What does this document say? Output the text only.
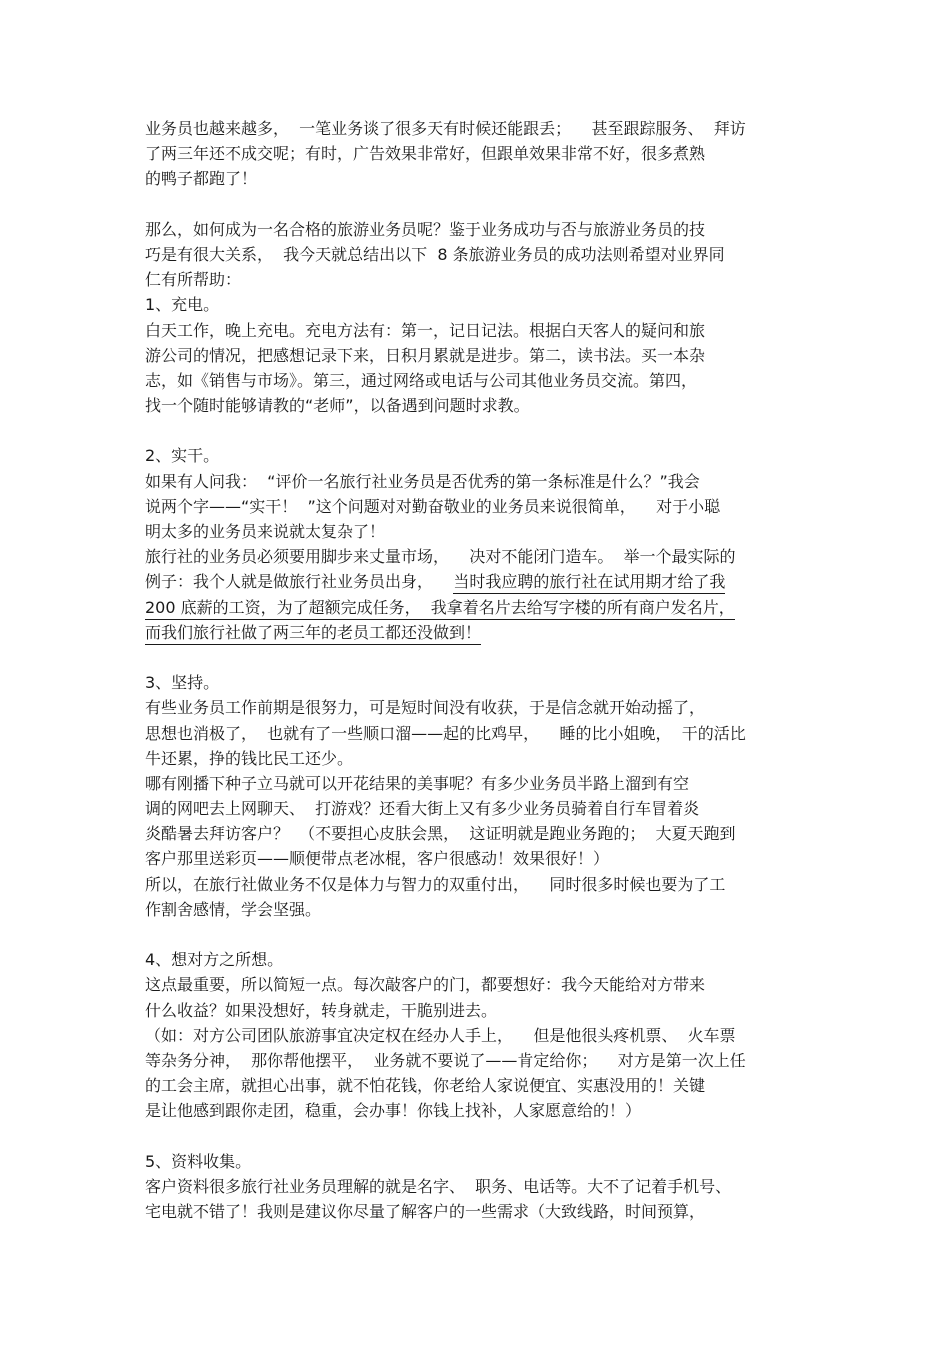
业务员也越来越多，  一笔业务谈了很多天有时候还能跟丢；    甚至跟踪服务、  拜访
了两三年还不成交呢；有时，广告效果非常好，但跟单效果非常不好，很多煮熟
的鸭子都跑了！
那么，如何成为一名合格的旅游业务员呢？鉴于业务成功与否与旅游业务员的技
巧是有很大关系，  我今天就总结出以下  8 条旅游业务员的成功法则希望对业界同
仁有所帮助：
1、充电。
白天工作，晚上充电。充电方法有：第一，记日记法。根据白天客人的疑问和旅
游公司的情况，把感想记录下来，日积月累就是进步。第二，读书法。买一本杂
志，如《销售与市场》。第三，通过网络或电话与公司其他业务员交流。第四，
找一个随时能够请教的“老师”，以备遇到问题时求教。
2、实干。
如果有人问我：  “评价一名旅行社业务员是否优秀的第一条标准是什么？”我会
说两个字——“实干！  ”这个问题对对勤奋敬业的业务员来说很简单，    对于小聪
明太多的业务员来说就太复杂了！
旅行社的业务员必须要用脚步来丈量市场，    决对不能闭门造车。  举一个最实际的
例子：我个人就是做旅行社业务员出身，    当时我应聘的旅行社在试用期才给了我
200 底薪的工资，为了超额完成任务，  我拿着名片去给写字楼的所有商户发名片，
而我们旅行社做了两三年的老员工都还没做到！
3、坚持。
有些业务员工作前期是很努力，可是短时间没有收获，于是信念就开始动摇了，
思想也消极了，  也就有了一些顺口溜——起的比鸡早，    睡的比小姐晚，  干的活比
牛还累，挣的钱比民工还少。
哪有刚播下种子立马就可以开花结果的美事呢？有多少业务员半路上溜到有空
调的网吧去上网聊天、  打游戏？还看大街上又有多少业务员骑着自行车冒着炎
炎酷暑去拜访客户？  （不要担心皮肤会黑，  这证明就是跑业务跑的；  大夏天跑到
客户那里送彩页——顺便带点老冰棍，客户很感动！效果很好！）
所以，在旅行社做业务不仅是体力与智力的双重付出，    同时很多时候也要为了工
作割舍感情，学会坚强。
4、想对方之所想。
这点最重要，所以简短一点。每次敲客户的门，都要想好：我今天能给对方带来
什么收益？如果没想好，转身就走，干脆别进去。
（如：对方公司团队旅游事宜决定权在经办人手上，    但是他很头疼机票、  火车票
等杂务分神，  那你帮他摆平，  业务就不要说了——肯定给你；    对方是第一次上任
的工会主席，就担心出事，就不怕花钱，你老给人家说便宜、实惠没用的！关键
是让他感到跟你走团，稳重，会办事！你钱上找补，人家愿意给的！）
5、资料收集。
客户资料很多旅行社业务员理解的就是名字、  职务、电话等。大不了记着手机号、
宅电就不错了！我则是建议你尽量了解客户的一些需求（大致线路，时间预算，
